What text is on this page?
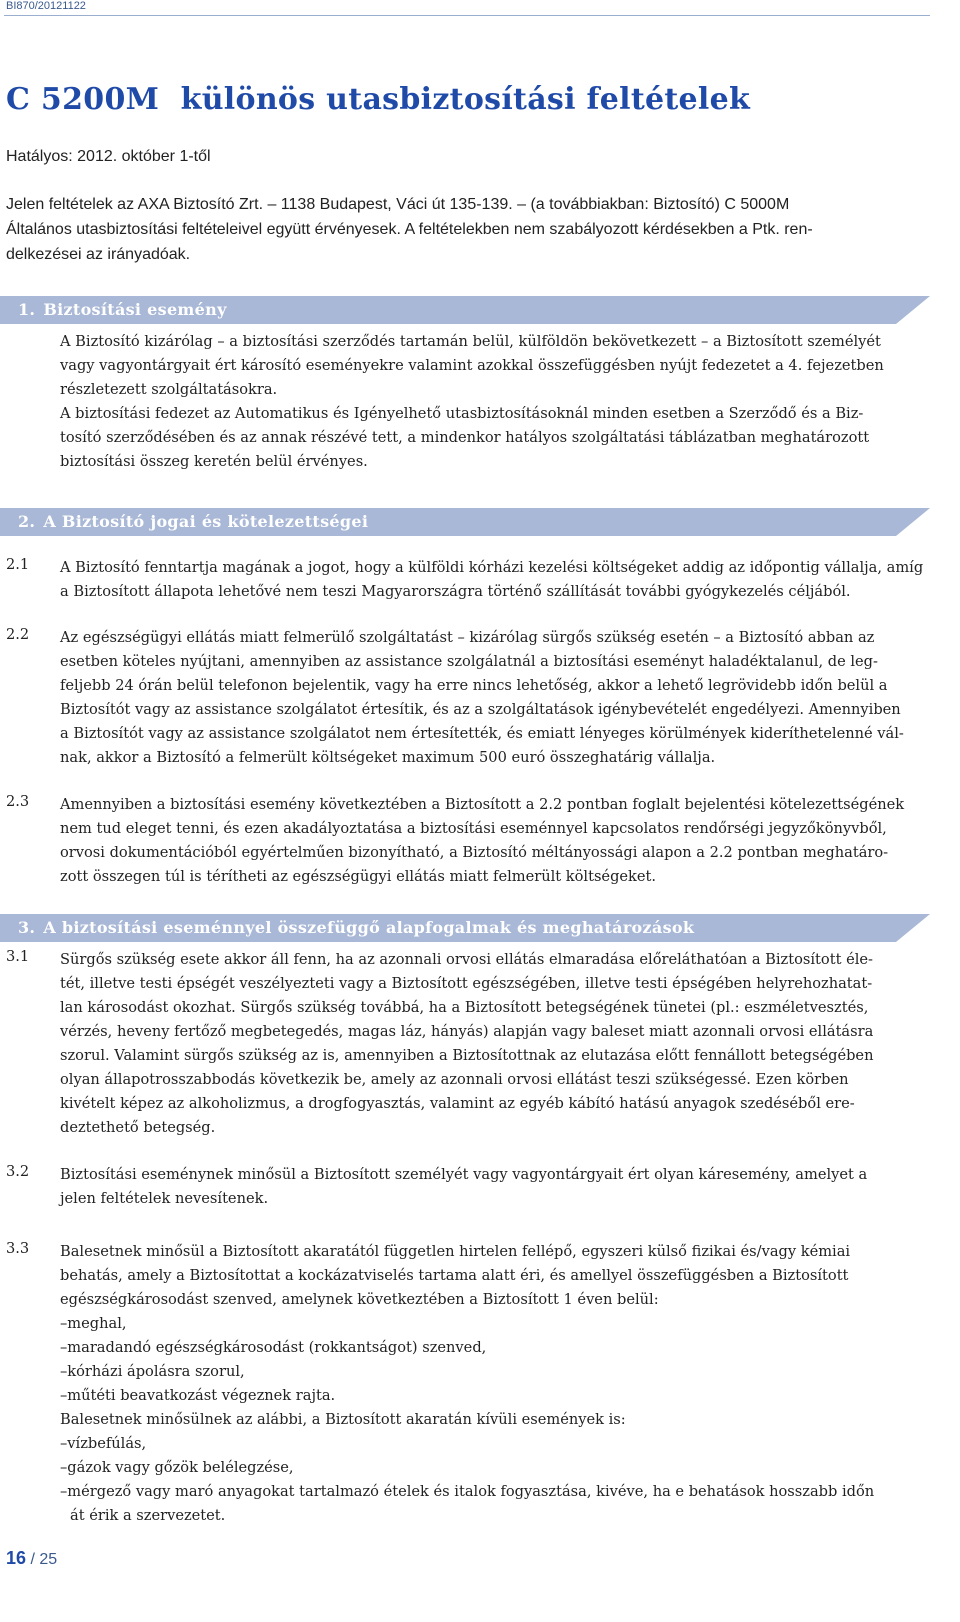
BI870/20121122
C 5200M  különös utasbiztosítási feltételek
Hatályos: 2012. október 1-től

Jelen feltételek az AXA Biztosító Zrt. – 1138 Budapest, Váci út 135-139. – (a továbbiakban: Biztosító) C 5000M
Általános utasbiztosítási feltételeivel együtt érvényesek. A feltételekben nem szabályozott kérdésekben a Ptk. ren-
delkezései az irányadóak.

1. Biztosítási esemény

A Biztosító kizárólag – a biztosítási szerződés tartamán belül, külföldön bekövetkezett – a Biztosított személyét
vagy vagyontárgyait ért károsító eseményekre valamint azokkal összefüggésben nyújt fedezetet a 4. fejezetben
részletezett szolgáltatásokra.
A biztosítási fedezet az Automatikus és Igényelhető utasbiztosításoknál minden esetben a Szerződő és a Biz-
tosító szerződésében és az annak részévé tett, a mindenkor hatályos szolgáltatási táblázatban meghatározott
biztosítási összeg keretén belül érvényes.

2. A Biztosító jogai és kötelezettségei
2.1 A Biztosító fenntartja magának a jogot, hogy a külföldi kórházi kezelési költségeket addig az időpontig vállalja, amíg
a Biztosított állapota lehetővé nem teszi Magyarországra történő szállítását további gyógykezelés céljából.

2.2 Az egészségügyi ellátás miatt felmerülő szolgáltatást – kizárólag sürgős szükség esetén – a Biztosító abban az
esetben köteles nyújtani, amennyiben az assistance szolgálatnál a biztosítási eseményt haladéktalanul, de leg-
feljebb 24 órán belül telefonon bejelentik, vagy ha erre nincs lehetőség, akkor a lehető legrövidebb időn belül a
Biztosítót vagy az assistance szolgálatot értesítik, és az a szolgáltatások igénybevételét engedélyezi. Amennyiben
a Biztosítót vagy az assistance szolgálatot nem értesítették, és emiatt lényeges körülmények kideríthetelenné vál-
nak, akkor a Biztosító a felmerült költségeket maximum 500 euró összeghatárig vállalja.

2.3 Amennyiben a biztosítási esemény következtében a Biztosított a 2.2 pontban foglalt bejelentési kötelezettségének
nem tud eleget tenni, és ezen akadályoztatása a biztosítási eseménnyel kapcsolatos rendőrségi jegyzőkönyvből,
orvosi dokumentációból egyértelműen bizonyítható, a Biztosító méltányossági alapon a 2.2 pontban meghatáro-
zott összegen túl is térítheti az egészségügyi ellátás miatt felmerült költségeket.

3. A biztosítási eseménnyel összefüggő alapfogalmak és meghatározások
3.1 Sürgős szükség esete akkor áll fenn, ha az azonnali orvosi ellátás elmaradása előreláthatóan a Biztosított éle-
tét, illetve testi épségét veszélyezteti vagy a Biztosított egészségében, illetve testi épségében helyrehozhatat-
lan károsodást okozhat. Sürgős szükség továbbá, ha a Biztosított betegségének tünetei (pl.: eszméletvesztés,
vérzés, heveny fertőző megbetegedés, magas láz, hányás) alapján vagy baleset miatt azonnali orvosi ellátásra
szorul. Valamint sürgős szükség az is, amennyiben a Biztosítottnak az elutazása előtt fennállott betegségében
olyan állapotrosszabbodás következik be, amely az azonnali orvosi ellátást teszi szükségessé. Ezen körben
kivételt képez az alkoholizmus, a drogfogyasztás, valamint az egyéb kábító hatású anyagok szedéséből ere-
deztethető betegség.

3.2 Biztosítási eseménynek minősül a Biztosított személyét vagy vagyontárgyait ért olyan káresemény, amelyet a
jelen feltételek nevesítenek.

3.3 Balesetnek minősül a Biztosított akaratától független hirtelen fellépő, egyszeri külső fizikai és/vagy kémiai
behatás, amely a Biztosítottat a kockázatviselés tartama alatt éri, és amellyel összefüggésben a Biztosított
egészségkárosodást szenved, amelynek következtében a Biztosított 1 éven belül:
–meghal,
–maradandó egészségkárosodást (rokkantságot) szenved,
–kórházi ápolásra szorul,
–műtéti beavatkozást végeznek rajta.
Balesetnek minősülnek az alábbi, a Biztosított akaratán kívüli események is:
–vízbefúlás,
–gázok vagy gőzök belélegzése,
–mérgező vagy maró anyagokat tartalmazó ételek és italok fogyasztása, kivéve, ha e behatások hosszabb időn
át érik a szervezetet.

16 / 25
